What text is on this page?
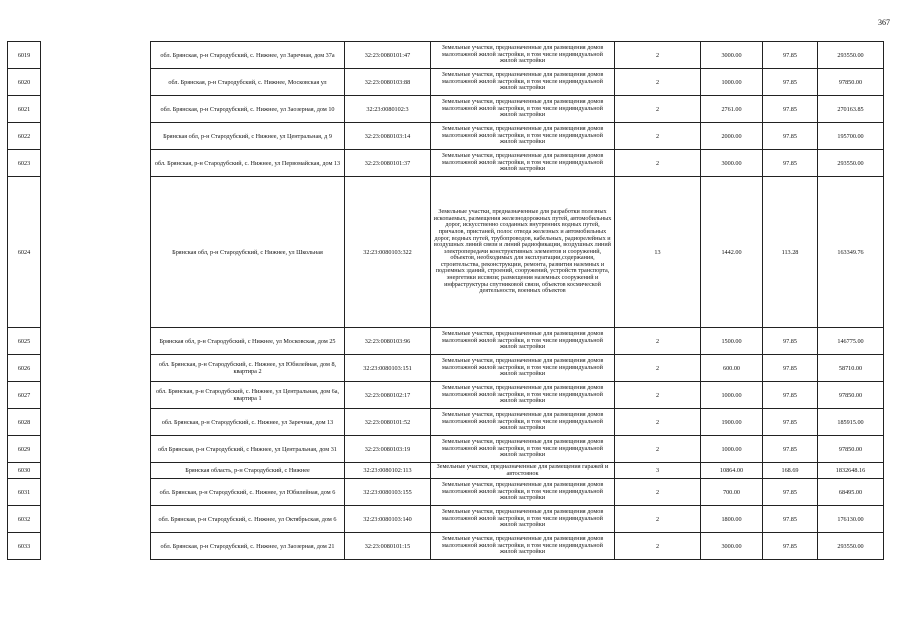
367
6019		обл. Брянская, р-н Стародубский, с. Нижнее, ул Заречная, дом 37а	32:23:0080101:47	Земельные участки, предназначенные для размещения домов малоэтажной жилой застройки, в том числе индивидуальной жилой застройки	2	3000.00	97.85	293550.00
6020		обл. Брянская, р-н Стародубский, с. Нижнее, Московская ул	32:23:0080103:88	Земельные участки, предназначенные для размещения домов малоэтажной жилой застройки, в том числе индивидуальной жилой застройки	2	1000.00	97.85	97850.00
6021		обл. Брянская, р-н Стародубский, с. Нижнее, ул Заозерная, дом 10	32:23:0080102:3	Земельные участки, предназначенные для размещения домов малоэтажной жилой застройки, в том числе индивидуальной жилой застройки	2	2761.00	97.85	270163.85
6022		Брянская обл, р-н Стародубский, с Нижнее, ул Центральная, д 9	32:23:0080103:14	Земельные участки, предназначенные для размещения домов малоэтажной жилой застройки, в том числе индивидуальной жилой застройки	2	2000.00	97.85	195700.00
6023		обл. Брянская, р-н Стародубский, с. Нижнее, ул Первомайская, дом 13	32:23:0080101:37	Земельные участки, предназначенные для размещения домов малоэтажной жилой застройки, в том числе индивидуальной жилой застройки	2	3000.00	97.85	293550.00
6024		Брянская обл, р-н Стародубский, с Нижнее, ул Школьная	32:23:0080103:322	Земельные участки, предназначенные для разработки полезных ископаемых, размещения железнодорожных путей, автомобильных дорог, искусственно созданных внутренних водных путей, причалов, пристаней, полос отвода железных и автомобильных дорог, водных путей, трубопроводов, кабельных, радиорелейных и воздушных линий связи и линий радиофикации, воздушных линий электропередачи конструктивных элементов и сооружений, объектов, необходимых для эксплуатации,содержания, строительства, реконструкции, ремонта, развития наземных и подземных зданий, строений, сооружений, устройств транспорта, энергетики иссвязи; размещения наземных сооружений и инфраструктуры спутниковой связи, объектов космической деятельности, военных объектов	13	1442.00	113.28	163349.76
6025		Брянская обл, р-н Стародубский, с Нижнее, ул Московская, дом 25	32:23:0080103:96	Земельные участки, предназначенные для размещения домов малоэтажной жилой застройки, в том числе индивидуальной жилой застройки	2	1500.00	97.85	146775.00
6026		обл. Брянская, р-н Стародубский, с. Нижнее, ул Юбилейная, дом 8, квартира 2	32:23:0080103:151	Земельные участки, предназначенные для размещения домов малоэтажной жилой застройки, в том числе индивидуальной жилой застройки	2	600.00	97.85	58710.00
6027		обл. Брянская, р-н Стародубский, с. Нижнее, ул Центральная, дом 6а, квартира 1	32:23:0080102:17	Земельные участки, предназначенные для размещения домов малоэтажной жилой застройки, в том числе индивидуальной жилой застройки	2	1000.00	97.85	97850.00
6028		обл. Брянская, р-н Стародубский, с. Нижнее, ул Заречная, дом 13	32:23:0080101:52	Земельные участки, предназначенные для размещения домов малоэтажной жилой застройки, в том числе индивидуальной жилой застройки	2	1900.00	97.85	185915.00
6029		обл Брянская, р-н Стародубский, с Нижнее, ул Центральная, дом 31	32:23:0080103:19	Земельные участки, предназначенные для размещения домов малоэтажной жилой застройки, в том числе индивидуальной жилой застройки	2	1000.00	97.85	97850.00
6030		Брянская область, р-н Стародубский, с Нижнее	32:23:0080102:113	Земельные участки, предназначенные для размещения гаражей и автостоянок	3	10864.00	168.69	1832648.16
6031		обл. Брянская, р-н Стародубский, с. Нижнее, ул Юбилейная, дом 6	32:23:0080103:155	Земельные участки, предназначенные для размещения домов малоэтажной жилой застройки, в том числе индивидуальной жилой застройки	2	700.00	97.85	68495.00
6032		обл. Брянская, р-н Стародубский, с. Нижнее, ул Октябрьская, дом 6	32:23:0080103:140	Земельные участки, предназначенные для размещения домов малоэтажной жилой застройки, в том числе индивидуальной жилой застройки	2	1800.00	97.85	176130.00
6033		обл. Брянская, р-н Стародубский, с. Нижнее, ул Заозерная, дом 21	32:23:0080101:15	Земельные участки, предназначенные для размещения домов малоэтажной жилой застройки, в том числе индивидуальной жилой застройки	2	3000.00	97.85	293550.00
